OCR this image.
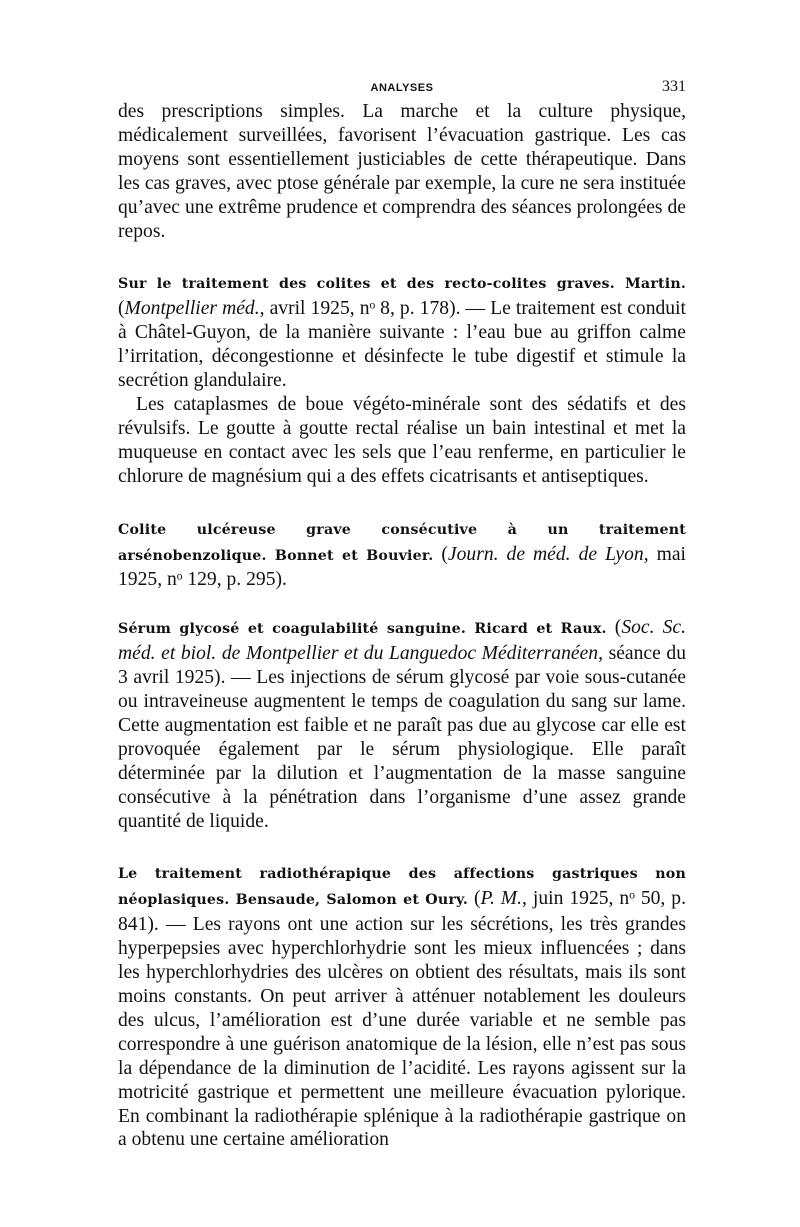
ANALYSES	331

des prescriptions simples. La marche et la culture physique, médicalement surveillées, favorisent l’évacuation gastrique. Les cas moyens sont essentiellement justiciables de cette thérapeutique. Dans les cas graves, avec ptose générale par exemple, la cure ne sera instituée qu’avec une extrême prudence et comprendra des séances prolongées de repos.

Sur le traitement des colites et des recto-colites graves. Martin. (Montpellier méd., avril 1925, nᵒ 8, p. 178). — Le traitement est conduit à Châtel-Guyon, de la manière suivante : l’eau bue au griffon calme l’irritation, décongestionne et désinfecte le tube digestif et stimule la secrétion glandulaire.

Les cataplasmes de boue végéto-minérale sont des sédatifs et des révulsifs. Le goutte à goutte rectal réalise un bain intestinal et met la muqueuse en contact avec les sels que l’eau renferme, en particulier le chlorure de magnésium qui a des effets cicatrisants et antiseptiques.

Colite ulcéreuse grave consécutive à un traitement arsénobenzolique. Bonnet et Bouvier. (Journ. de méd. de Lyon, mai 1925, nᵒ 129, p. 295).

Sérum glycosé et coagulabilité sanguine. Ricard et Raux. (Soc. Sc. méd. et biol. de Montpellier et du Languedoc Méditerranéen, séance du 3 avril 1925). — Les injections de sérum glycosé par voie sous-cutanée ou intraveineuse augmentent le temps de coagulation du sang sur lame. Cette augmentation est faible et ne paraît pas due au glycose car elle est provoquée également par le sérum physiologique. Elle paraît déterminée par la dilution et l’augmentation de la masse sanguine consécutive à la pénétration dans l’organisme d’une assez grande quantité de liquide.

Le traitement radiothérapique des affections gastriques non néoplasiques. Bensaude, Salomon et Oury. (P. M., juin 1925, nᵒ 50, p. 841). — Les rayons ont une action sur les sécrétions, les très grandes hyperpepsies avec hyperchlorhydrie sont les mieux influencées ; dans les hyperchlorhydries des ulcères on obtient des résultats, mais ils sont moins constants. On peut arriver à atténuer notablement les douleurs des ulcus, l’amélioration est d’une durée variable et ne semble pas correspondre à une guérison anatomique de la lésion, elle n’est pas sous la dépendance de la diminution de l’acidité. Les rayons agissent sur la motricité gastrique et permettent une meilleure évacuation pylorique. En combinant la radiothérapie splénique à la radiothérapie gastrique on a obtenu une certaine amélioration
